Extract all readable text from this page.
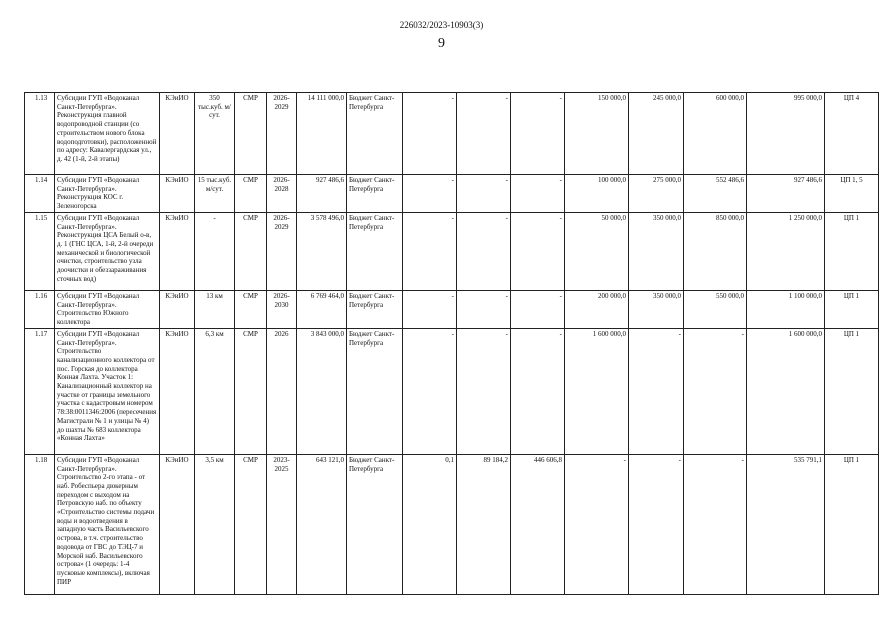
226032/2023-10903(3)
9
1.13	Субсидии ГУП «Водоканал Санкт-Петербурга». Реконструкция главной водопроводной станции (со строительством нового блока водоподготовки), расположенной по адресу: Кавалергардская ул., д. 42 (1-й, 2-й этапы)	КЭиИО	350 тыс.куб. м/сут.	СМР	2026-2029	14 111 000,0	Бюджет Санкт-Петербурга	-	-	-	150 000,0	245 000,0	600 000,0	995 000,0	ЦП 4
1.14	Субсидии ГУП «Водоканал Санкт-Петербурга». Реконструкция КОС г. Зеленогорска	КЭиИО	15 тыс.куб. м/сут.	СМР	2026-2028	927 486,6	Бюджет Санкт-Петербурга	-	-	-	100 000,0	275 000,0	552 486,6	927 486,6	ЦП 1, 5
1.15	Субсидии ГУП «Водоканал Санкт-Петербурга». Реконструкция ЦСА Белый о-в, д. 1 (ГНС ЦСА, 1-й, 2-й очереди механической и биологической очистки, строительство узла доочистки и обеззараживания сточных вод)	КЭиИО	-	СМР	2026-2029	3 578 496,0	Бюджет Санкт-Петербурга	-	-	-	50 000,0	350 000,0	850 000,0	1 250 000,0	ЦП 1
1.16	Субсидии ГУП «Водоканал Санкт-Петербурга». Строительство Южного коллектора	КЭиИО	13 км	СМР	2026-2030	6 769 464,0	Бюджет Санкт-Петербурга	-	-	-	200 000,0	350 000,0	550 000,0	1 100 000,0	ЦП 1
1.17	Субсидии ГУП «Водоканал Санкт-Петербурга». Строительство канализационного коллектора от пос. Горская до коллектора Конная Лахта. Участок 1: Канализационный коллектор на участке от границы земельного участка с кадастровым номером 78:38:0011346:2006 (пересечения Магистрали № 1 и улицы № 4) до шахты № 683 коллектора «Конная Лахта»	КЭиИО	6,3 км	СМР	2026	3 843 000,0	Бюджет Санкт-Петербурга	-	-	-	1 600 000,0	-	-	1 600 000,0	ЦП 1
1.18	Субсидии ГУП «Водоканал Санкт-Петербурга». Строительство 2-го этапа - от наб. Робеспьера дюкерным переходом с выходом на Петровскую наб. по объекту «Строительство системы подачи воды и водоотведения в западную часть Васильевского острова, в т.ч. строительство водовода от ГВС до ТЭЦ-7 и Морской наб. Васильевского острова» (1 очередь: 1-4 пусковые комплексы), включая ПИР	КЭиИО	3,5 км	СМР	2023-2025	643 121,0	Бюджет Санкт-Петербурга	0,1	89 184,2	446 606,8	-	-	-	535 791,1	ЦП 1
